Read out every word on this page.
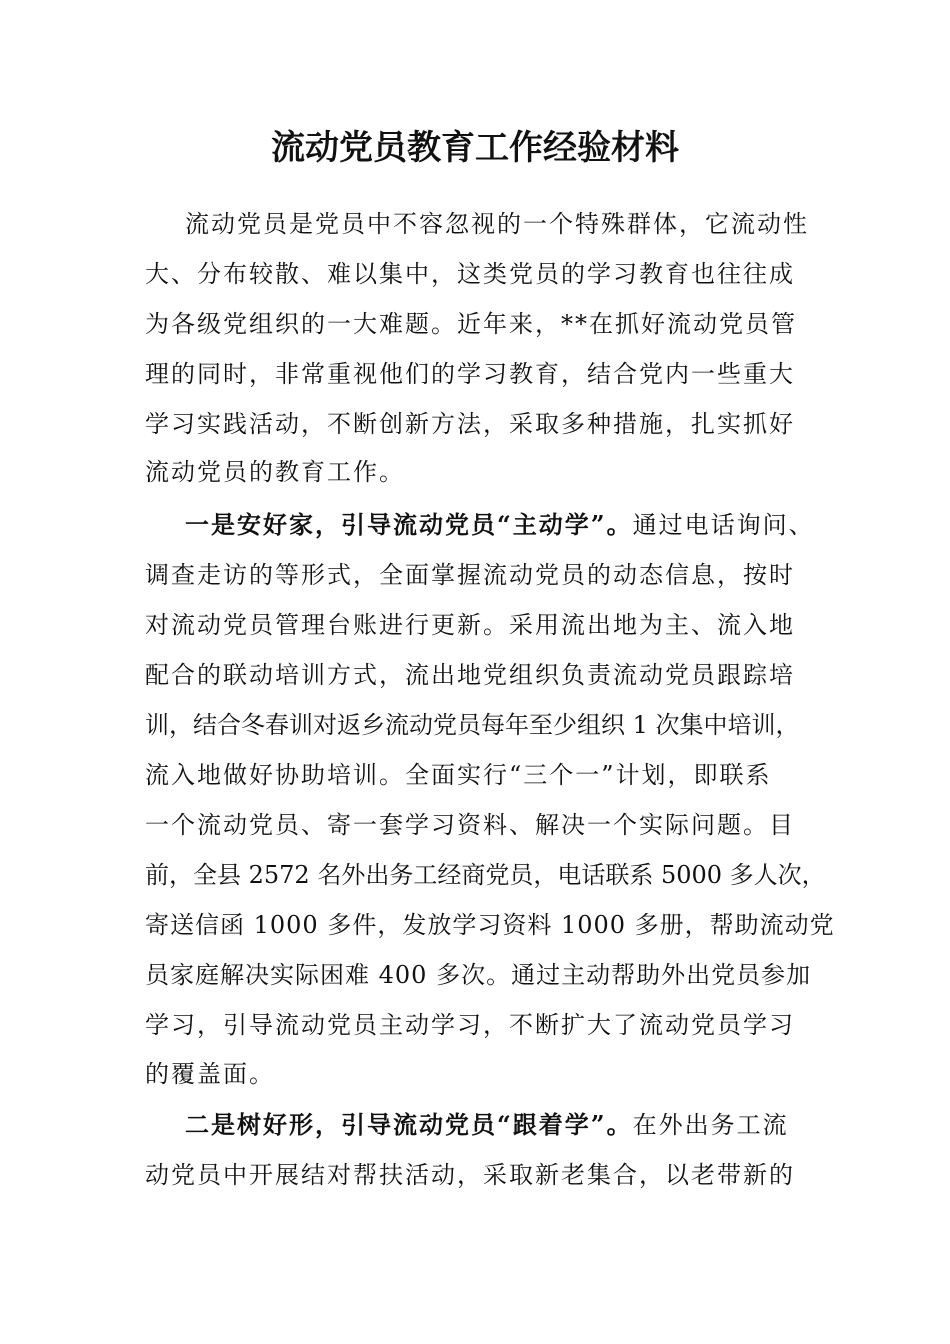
流动党员教育工作经验材料
流动党员是党员中不容忽视的一个特殊群体，它流动性
大、分布较散、难以集中，这类党员的学习教育也往往成
为各级党组织的一大难题。近年来，**在抓好流动党员管
理的同时，非常重视他们的学习教育，结合党内一些重大
学习实践活动，不断创新方法，采取多种措施，扎实抓好
流动党员的教育工作。
一是安好家，引导流动党员“主动学”。通过电话询问、
调查走访的等形式，全面掌握流动党员的动态信息，按时
对流动党员管理台账进行更新。采用流出地为主、流入地
配合的联动培训方式，流出地党组织负责流动党员跟踪培
训，结合冬春训对返乡流动党员每年至少组织 1 次集中培训，
流入地做好协助培训。全面实行“三个一”计划，即联系
一个流动党员、寄一套学习资料、解决一个实际问题。目
前，全县 2572 名外出务工经商党员，电话联系 5000 多人次，
寄送信函 1000 多件，发放学习资料 1000 多册，帮助流动党
员家庭解决实际困难 400 多次。通过主动帮助外出党员参加
学习，引导流动党员主动学习，不断扩大了流动党员学习
的覆盖面。
二是树好形，引导流动党员“跟着学”。在外出务工流
动党员中开展结对帮扶活动，采取新老集合，以老带新的
